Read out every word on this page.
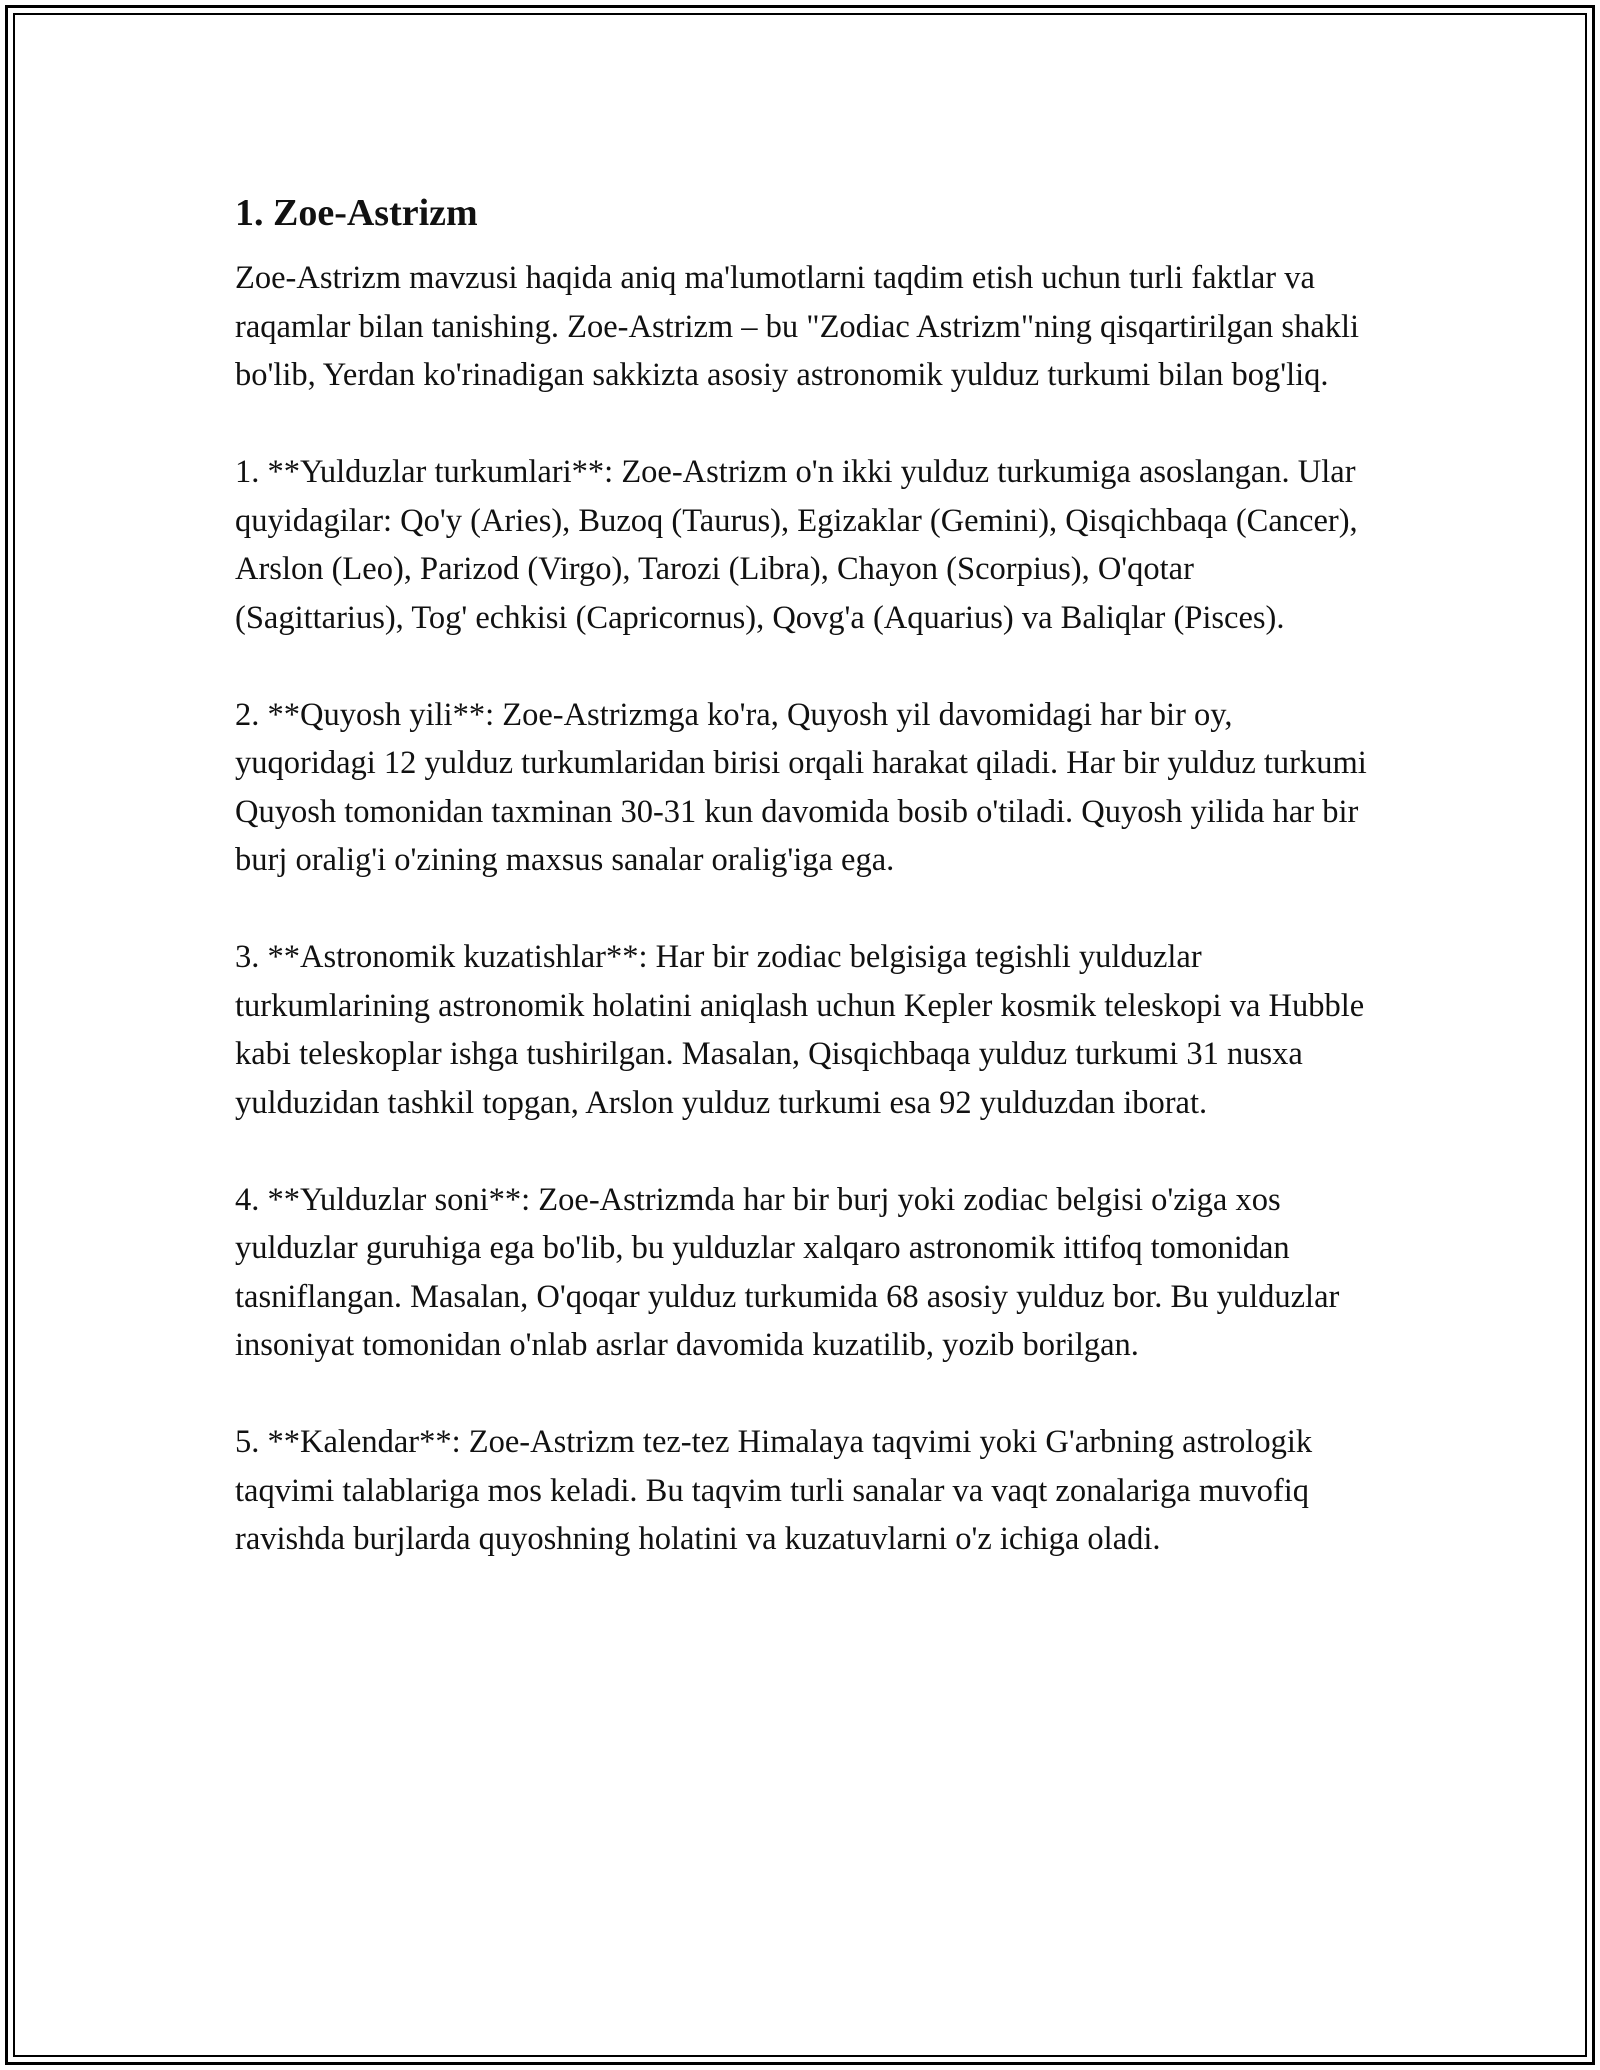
1. Zoe-Astrizm

Zoe-Astrizm mavzusi haqida aniq ma'lumotlarni taqdim etish uchun turli faktlar va raqamlar bilan tanishing. Zoe-Astrizm – bu "Zodiac Astrizm"ning qisqartirilgan shakli bo'lib, Yerdan ko'rinadigan sakkizta asosiy astronomik yulduz turkumi bilan bog'liq.

1. **Yulduzlar turkumlari**: Zoe-Astrizm o'n ikki yulduz turkumiga asoslangan. Ular quyidagilar: Qo'y (Aries), Buzoq (Taurus), Egizaklar (Gemini), Qisqichbaqa (Cancer), Arslon (Leo), Parizod (Virgo), Tarozi (Libra), Chayon (Scorpius), O'qotar (Sagittarius), Tog' echkisi (Capricornus), Qovg'a (Aquarius) va Baliqlar (Pisces).

2. **Quyosh yili**: Zoe-Astrizmga ko'ra, Quyosh yil davomidagi har bir oy, yuqoridagi 12 yulduz turkumlaridan birisi orqali harakat qiladi. Har bir yulduz turkumi Quyosh tomonidan taxminan 30-31 kun davomida bosib o'tiladi. Quyosh yilida har bir burj oralig'i o'zining maxsus sanalar oralig'iga ega.

3. **Astronomik kuzatishlar**: Har bir zodiac belgisiga tegishli yulduzlar turkumlarining astronomik holatini aniqlash uchun Kepler kosmik teleskopi va Hubble kabi teleskoplar ishga tushirilgan. Masalan, Qisqichbaqa yulduz turkumi 31 nusxa yulduzidan tashkil topgan, Arslon yulduz turkumi esa 92 yulduzdan iborat.

4. **Yulduzlar soni**: Zoe-Astrizmda har bir burj yoki zodiac belgisi o'ziga xos yulduzlar guruhiga ega bo'lib, bu yulduzlar xalqaro astronomik ittifoq tomonidan tasniflangan. Masalan, O'qoqar yulduz turkumida 68 asosiy yulduz bor. Bu yulduzlar insoniyat tomonidan o'nlab asrlar davomida kuzatilib, yozib borilgan.

5. **Kalendar**: Zoe-Astrizm tez-tez Himalaya taqvimi yoki G'arbning astrologik taqvimi talablariga mos keladi. Bu taqvim turli sanalar va vaqt zonalariga muvofiq ravishda burjlarda quyoshning holatini va kuzatuvlarni o'z ichiga oladi.
